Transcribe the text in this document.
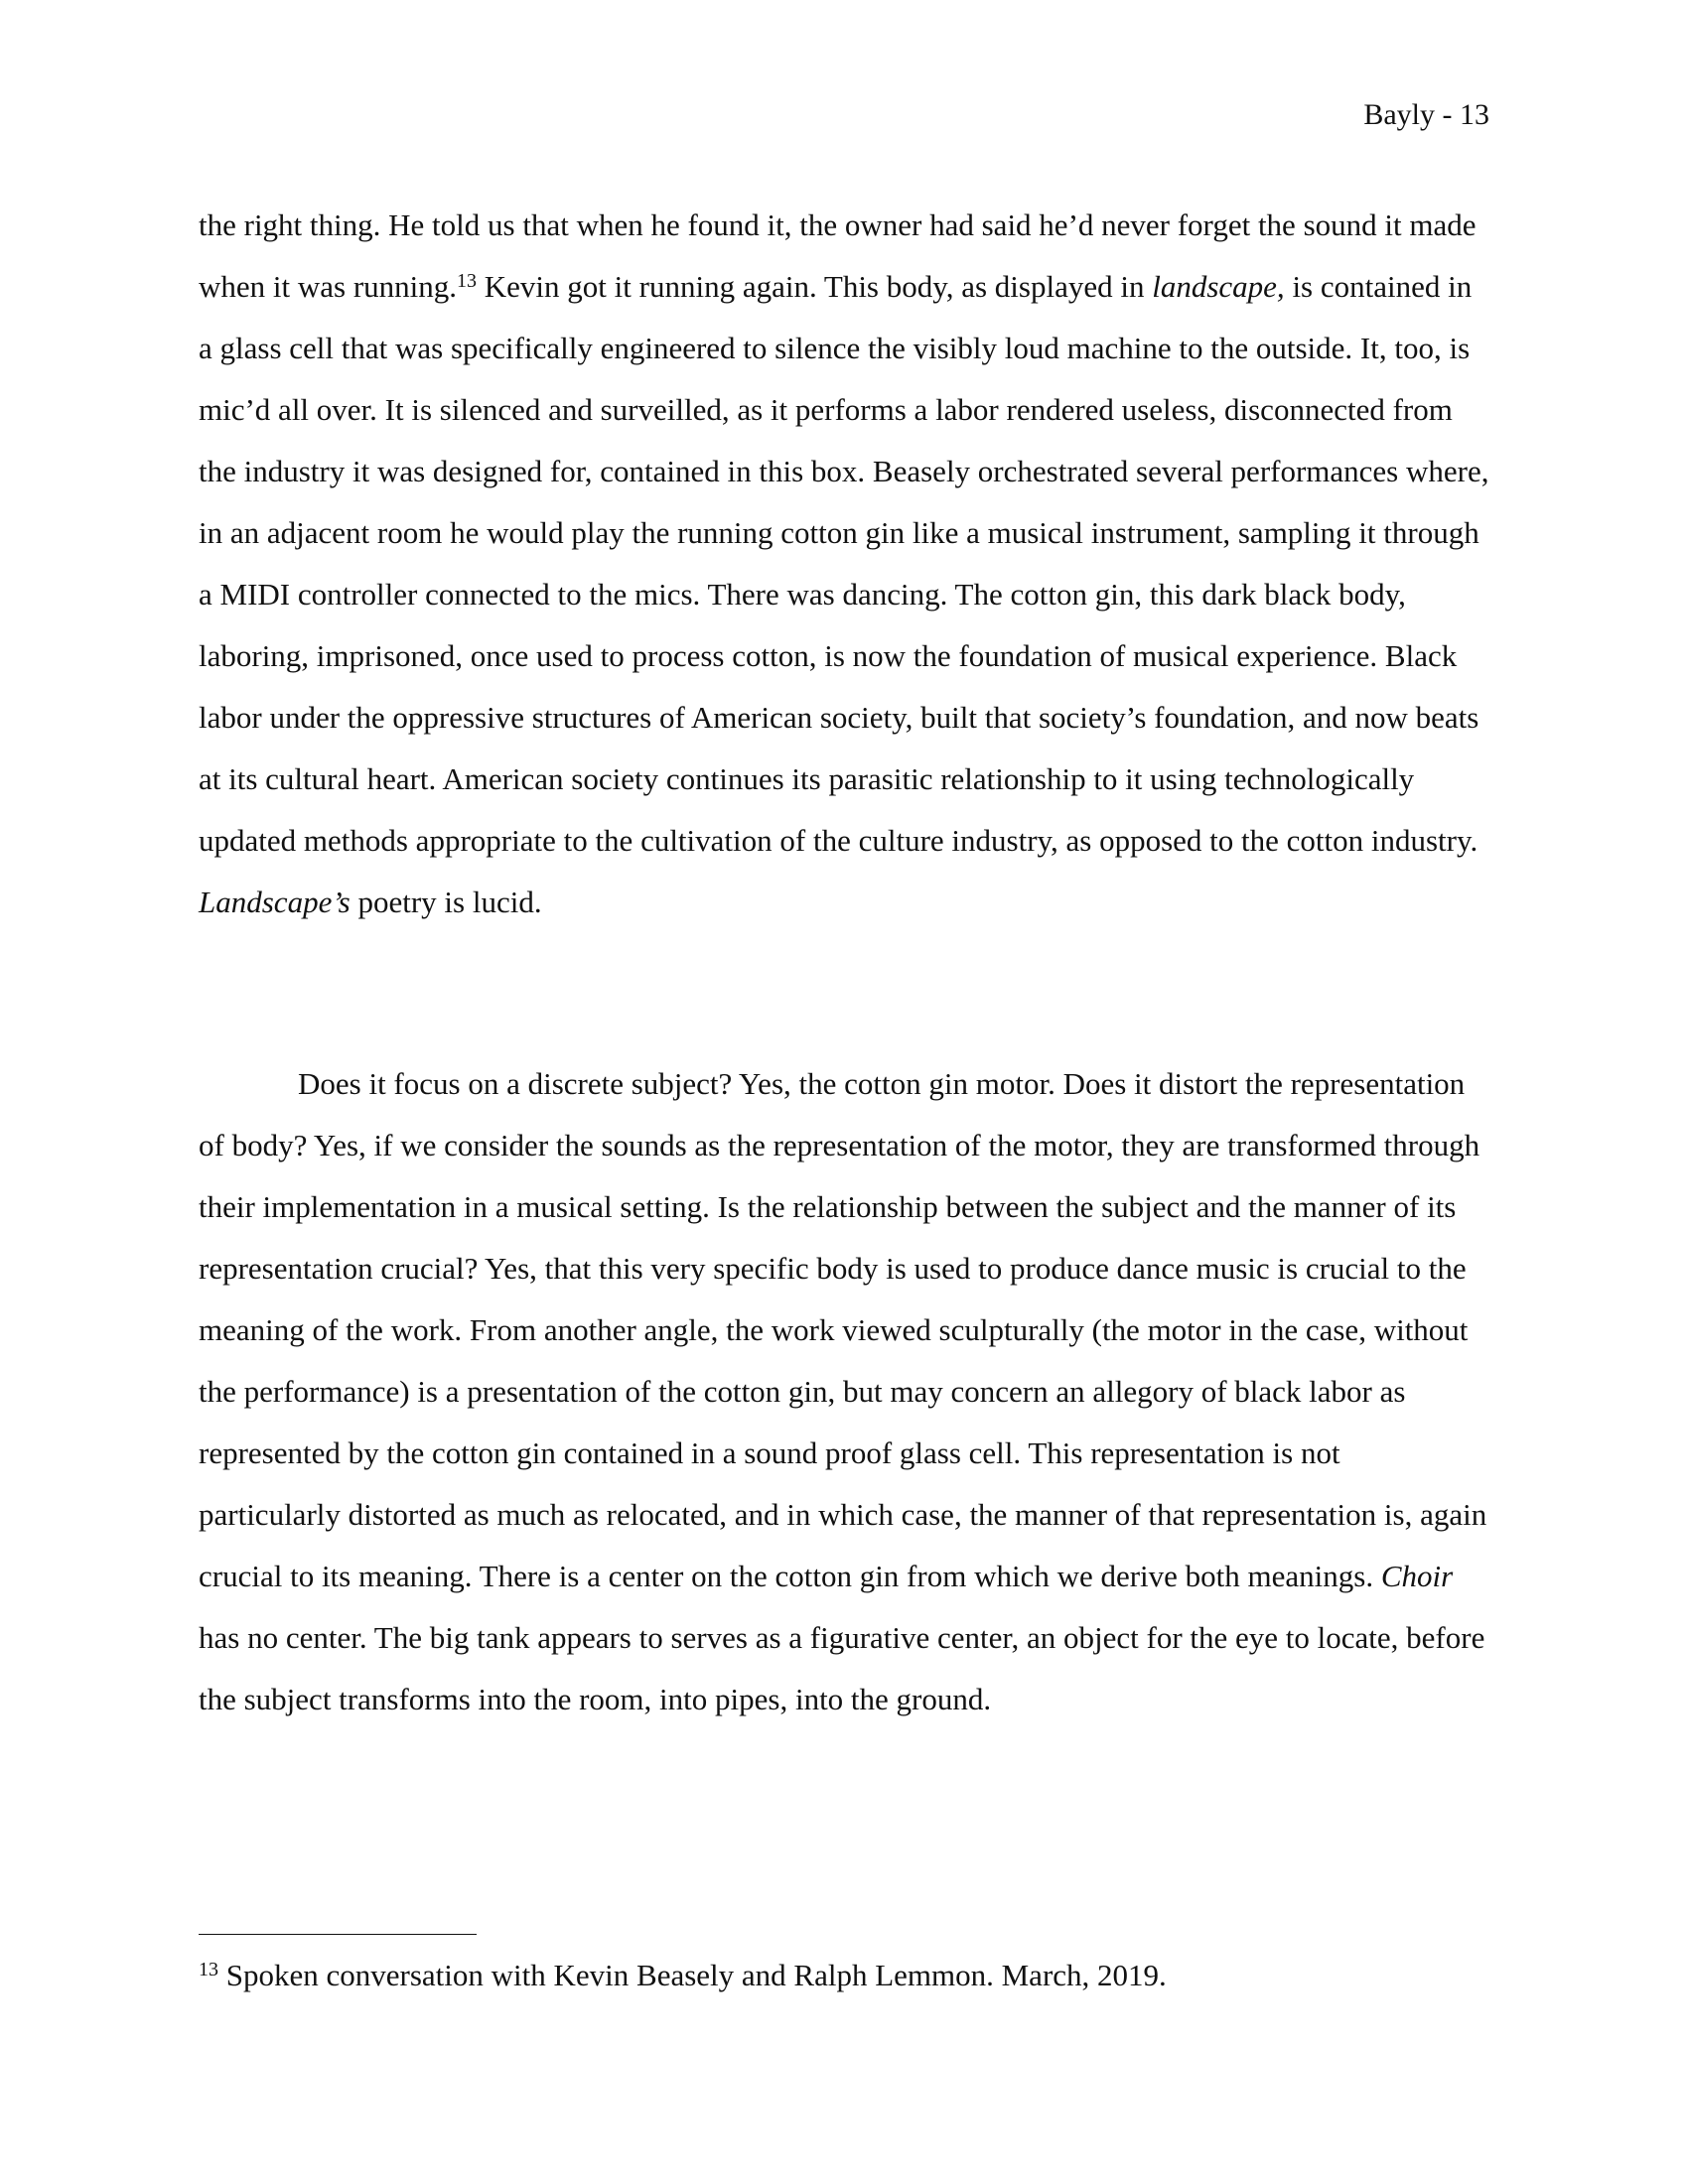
Bayly - 13

the right thing. He told us that when he found it, the owner had said he’d never forget the sound it made when it was running.$^{13}$ Kevin got it running again. This body, as displayed in landscape, is contained in a glass cell that was specifically engineered to silence the visibly loud machine to the outside. It, too, is mic’d all over. It is silenced and surveilled, as it performs a labor rendered useless, disconnected from the industry it was designed for, contained in this box. Beasely orchestrated several performances where, in an adjacent room he would play the running cotton gin like a musical instrument, sampling it through a MIDI controller connected to the mics. There was dancing. The cotton gin, this dark black body, laboring, imprisoned, once used to process cotton, is now the foundation of musical experience. Black labor under the oppressive structures of American society, built that society’s foundation, and now beats at its cultural heart. American society continues its parasitic relationship to it using technologically updated methods appropriate to the cultivation of the culture industry, as opposed to the cotton industry. Landscape’s poetry is lucid.

Does it focus on a discrete subject? Yes, the cotton gin motor. Does it distort the representation of body? Yes, if we consider the sounds as the representation of the motor, they are transformed through their implementation in a musical setting. Is the relationship between the subject and the manner of its representation crucial? Yes, that this very specific body is used to produce dance music is crucial to the meaning of the work. From another angle, the work viewed sculpturally (the motor in the case, without the performance) is a presentation of the cotton gin, but may concern an allegory of black labor as represented by the cotton gin contained in a sound proof glass cell. This representation is not particularly distorted as much as relocated, and in which case, the manner of that representation is, again crucial to its meaning. There is a center on the cotton gin from which we derive both meanings. Choir has no center. The big tank appears to serves as a figurative center, an object for the eye to locate, before the subject transforms into the room, into pipes, into the ground.

$^{13}$ Spoken conversation with Kevin Beasely and Ralph Lemmon. March, 2019.
